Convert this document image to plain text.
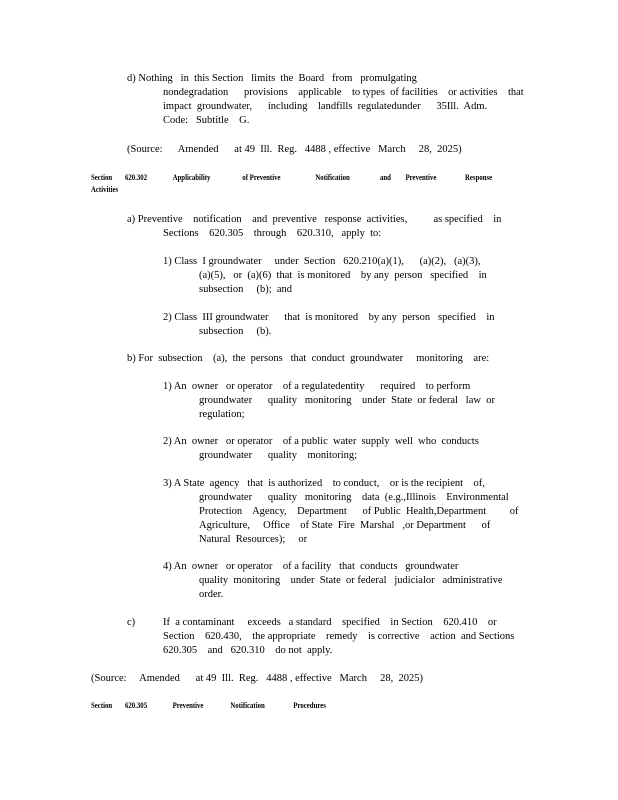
d) Nothing   in  this Section   limits  the  Board   from   promulgating
nondegradation      provisions    applicable    to types  of facilities    or activities    that
impact  groundwater,      including    landfills  regulatedunder      35Ill.  Adm.
Code:   Subtitle    G.
(Source:      Amended      at 49  Ill.  Reg.   4488 , effective   March     28,  2025)
Section 620.302	Applicability	of Preventive	Notification	and Preventive	Response
Activities
a) Preventive    notification    and  preventive   response  activities,          as specified    in
Sections    620.305    through    620.310,   apply  to:
1) Class  I groundwater     under  Section   620.210(a)(1),      (a)(2),   (a)(3),
(a)(5),   or  (a)(6)  that  is monitored    by any  person   specified    in
subsection     (b);  and
2) Class  III groundwater      that  is monitored    by any  person   specified    in
subsection     (b).
b) For  subsection    (a),  the  persons   that  conduct  groundwater     monitoring    are:
1) An  owner   or operator    of a regulatedentity      required    to perform
groundwater      quality   monitoring    under  State  or federal   law  or
regulation;
2) An  owner   or operator    of a public  water  supply  well  who  conducts
groundwater      quality    monitoring;
3) A State  agency   that  is authorized    to conduct,    or is the recipient    of,
groundwater      quality   monitoring    data  (e.g.,Illinois    Environmental
Protection    Agency,    Department      of Public  Health,Department         of
Agriculture,     Office    of State  Fire  Marshal   ,or Department      of
Natural  Resources);     or
4) An  owner   or operator    of a facility   that  conducts   groundwater
quality  monitoring    under  State  or federal   judicialor   administrative
order.
c)	If  a contaminant     exceeds   a standard    specified    in Section    620.410    or
Section    620.430,    the appropriate    remedy    is corrective    action  and Sections
620.305    and   620.310    do not  apply.
(Source:     Amended      at 49  Ill.  Reg.   4488 , effective   March     28,  2025)
Section 620.305	Preventive	Notification	Procedures
